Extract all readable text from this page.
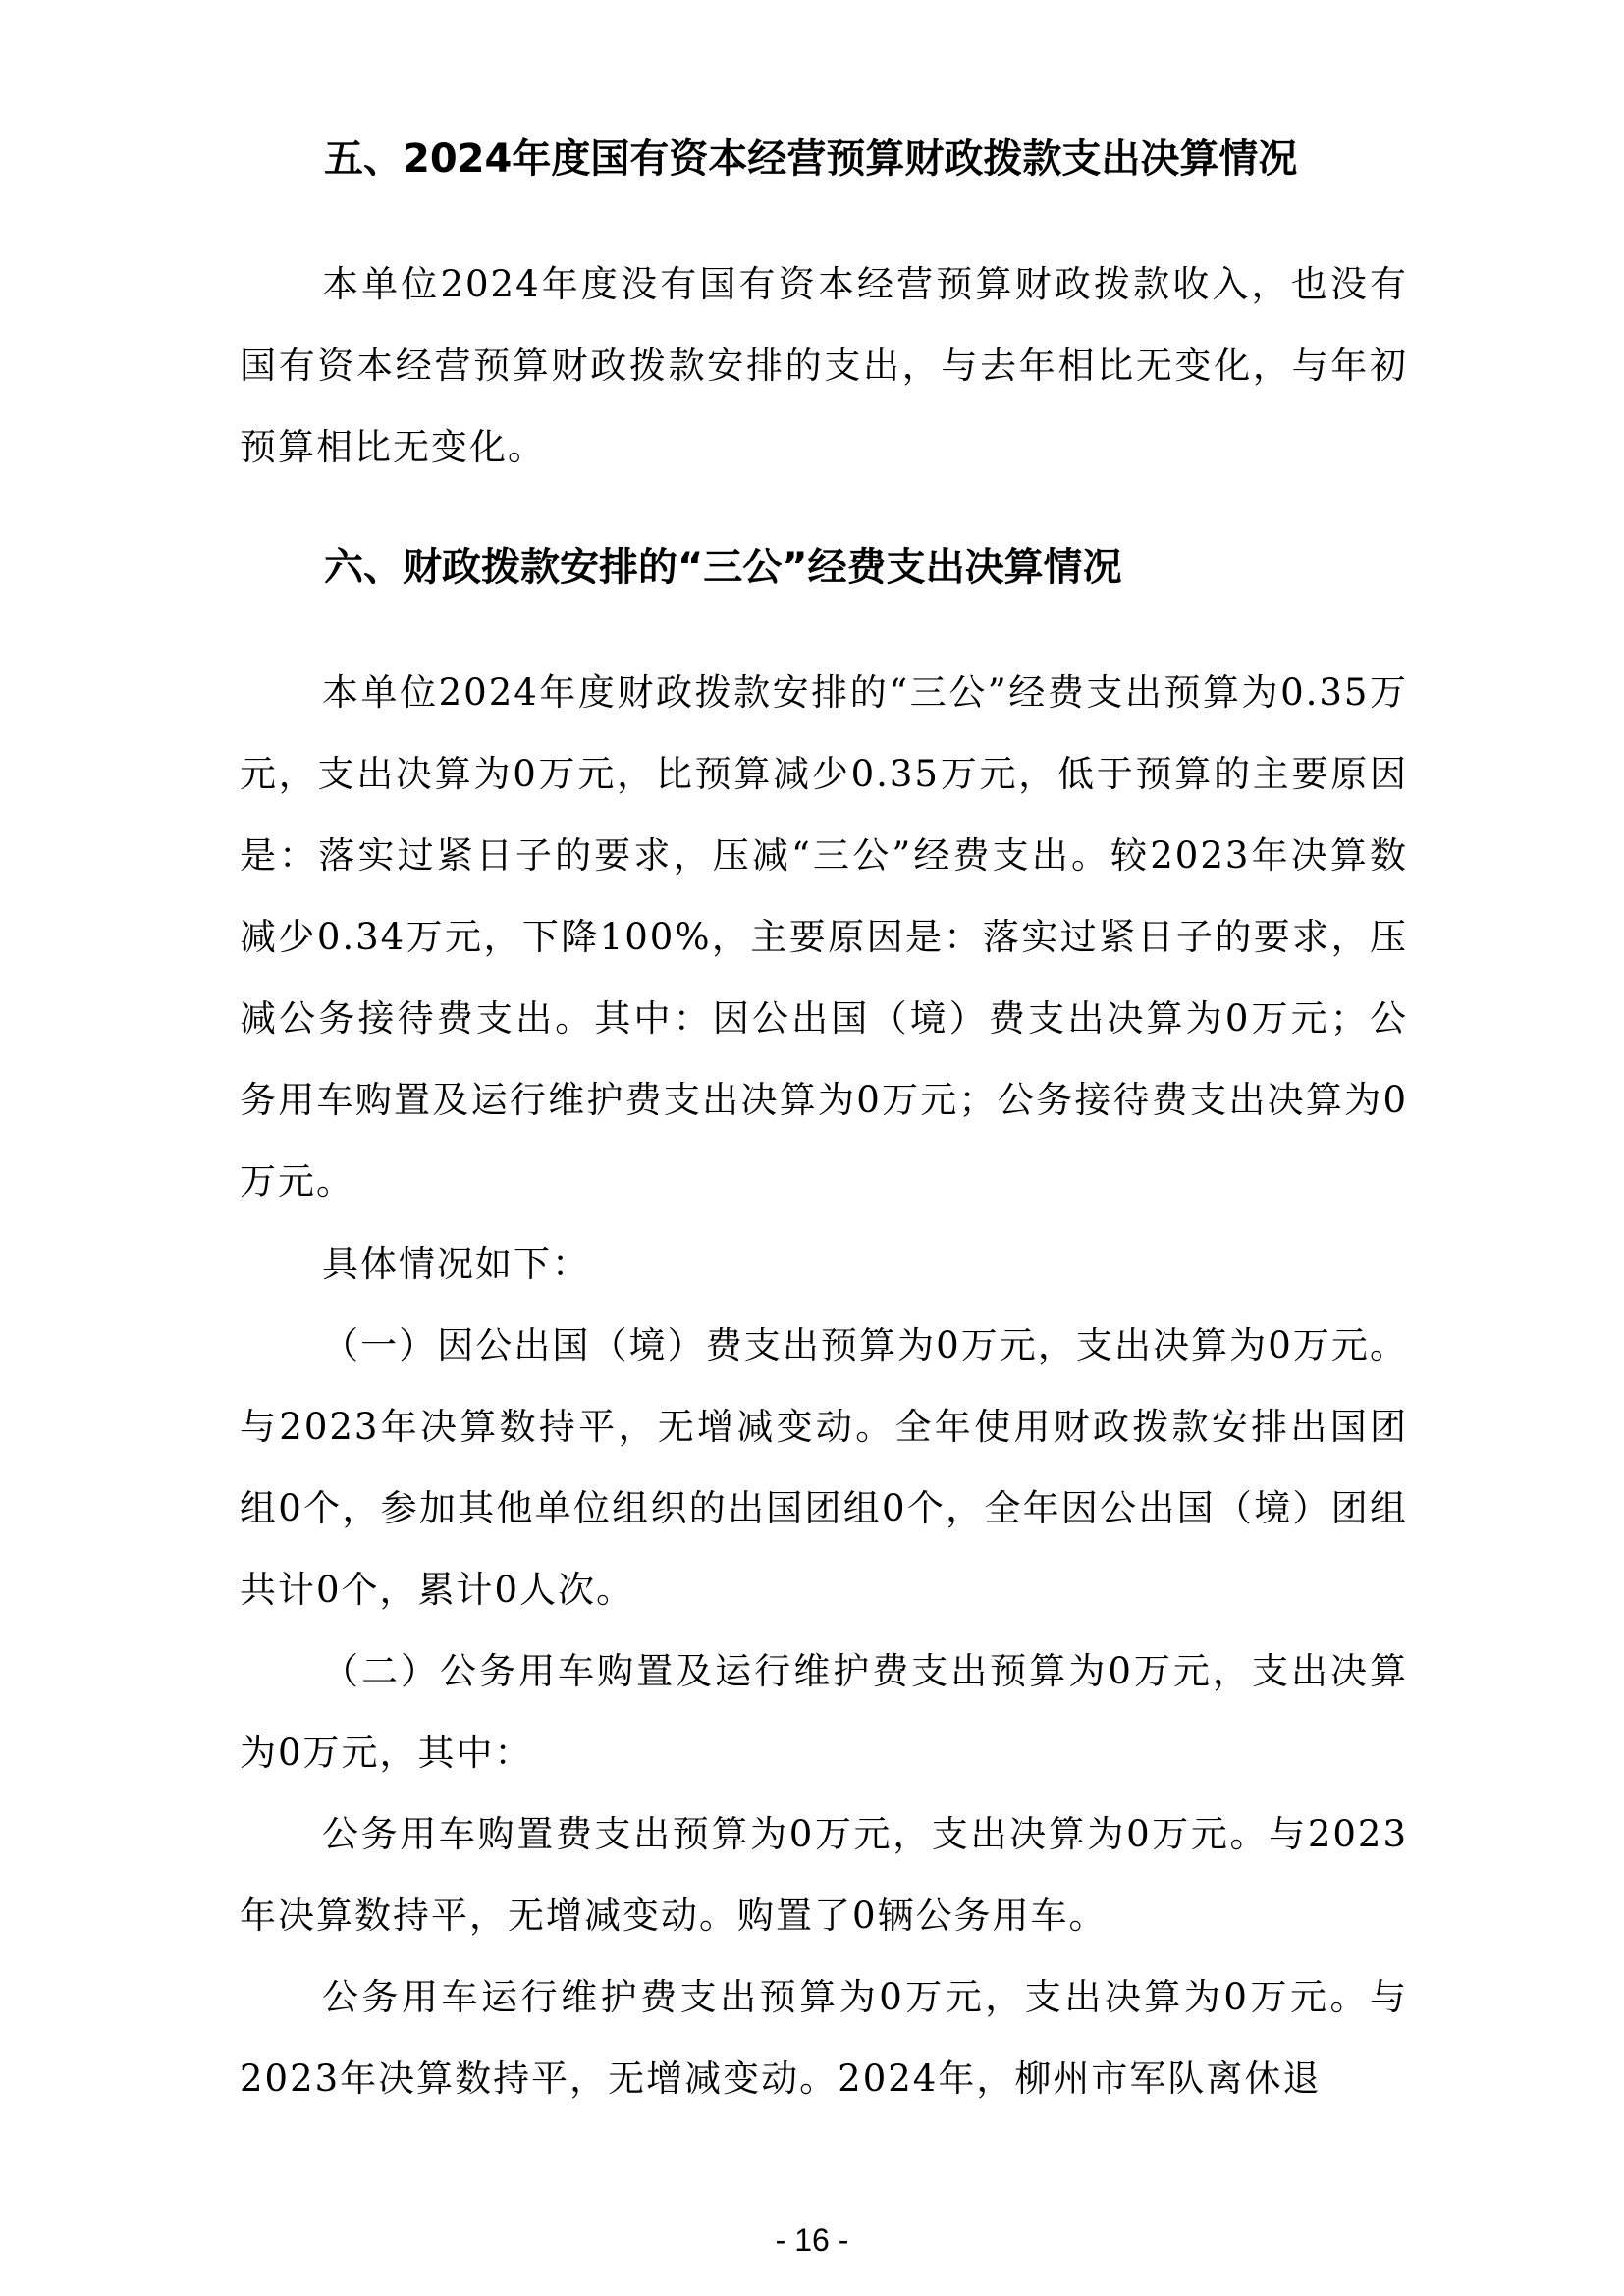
五、2024年度国有资本经营预算财政拨款支出决算情况
本单位2024年度没有国有资本经营预算财政拨款收入，也没有国有资本经营预算财政拨款安排的支出，与去年相比无变化，与年初预算相比无变化。
六、财政拨款安排的“三公”经费支出决算情况
本单位2024年度财政拨款安排的“三公”经费支出预算为0.35万元，支出决算为0万元，比预算减少0.35万元，低于预算的主要原因是：落实过紧日子的要求，压减“三公”经费支出。较2023年决算数减少0.34万元，下降100%，主要原因是：落实过紧日子的要求，压减公务接待费支出。其中：因公出国（境）费支出决算为0万元；公务用车购置及运行维护费支出决算为0万元；公务接待费支出决算为0万元。
具体情况如下：
（一）因公出国（境）费支出预算为0万元，支出决算为0万元。与2023年决算数持平，无增减变动。全年使用财政拨款安排出国团组0个，参加其他单位组织的出国团组0个，全年因公出国（境）团组共计0个，累计0人次。
（二）公务用车购置及运行维护费支出预算为0万元，支出决算为0万元，其中：
公务用车购置费支出预算为0万元，支出决算为0万元。与2023年决算数持平，无增减变动。购置了0辆公务用车。
公务用车运行维护费支出预算为0万元，支出决算为0万元。与2023年决算数持平，无增减变动。2024年，柳州市军队离休退
- 16 -
